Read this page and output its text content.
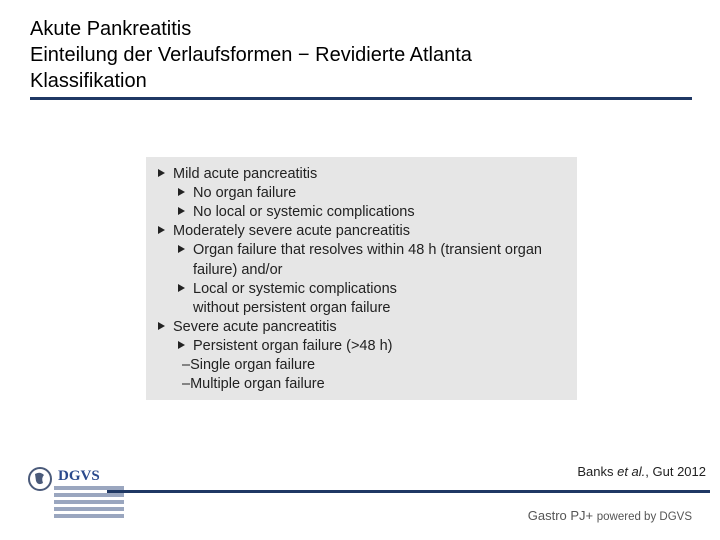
Akute Pankreatitis
Einteilung der Verlaufsformen − Revidierte Atlanta
Klassifikation
Mild acute pancreatitis
No organ failure
No local or systemic complications
Moderately severe acute pancreatitis
Organ failure that resolves within 48 h (transient organ
failure) and/or
Local or systemic complications
without persistent organ failure
Severe acute pancreatitis
Persistent organ failure (>48 h)
–Single organ failure
–Multiple organ failure
Banks et al., Gut 2012
DGVS
Gastro PJ+ powered by DGVS
